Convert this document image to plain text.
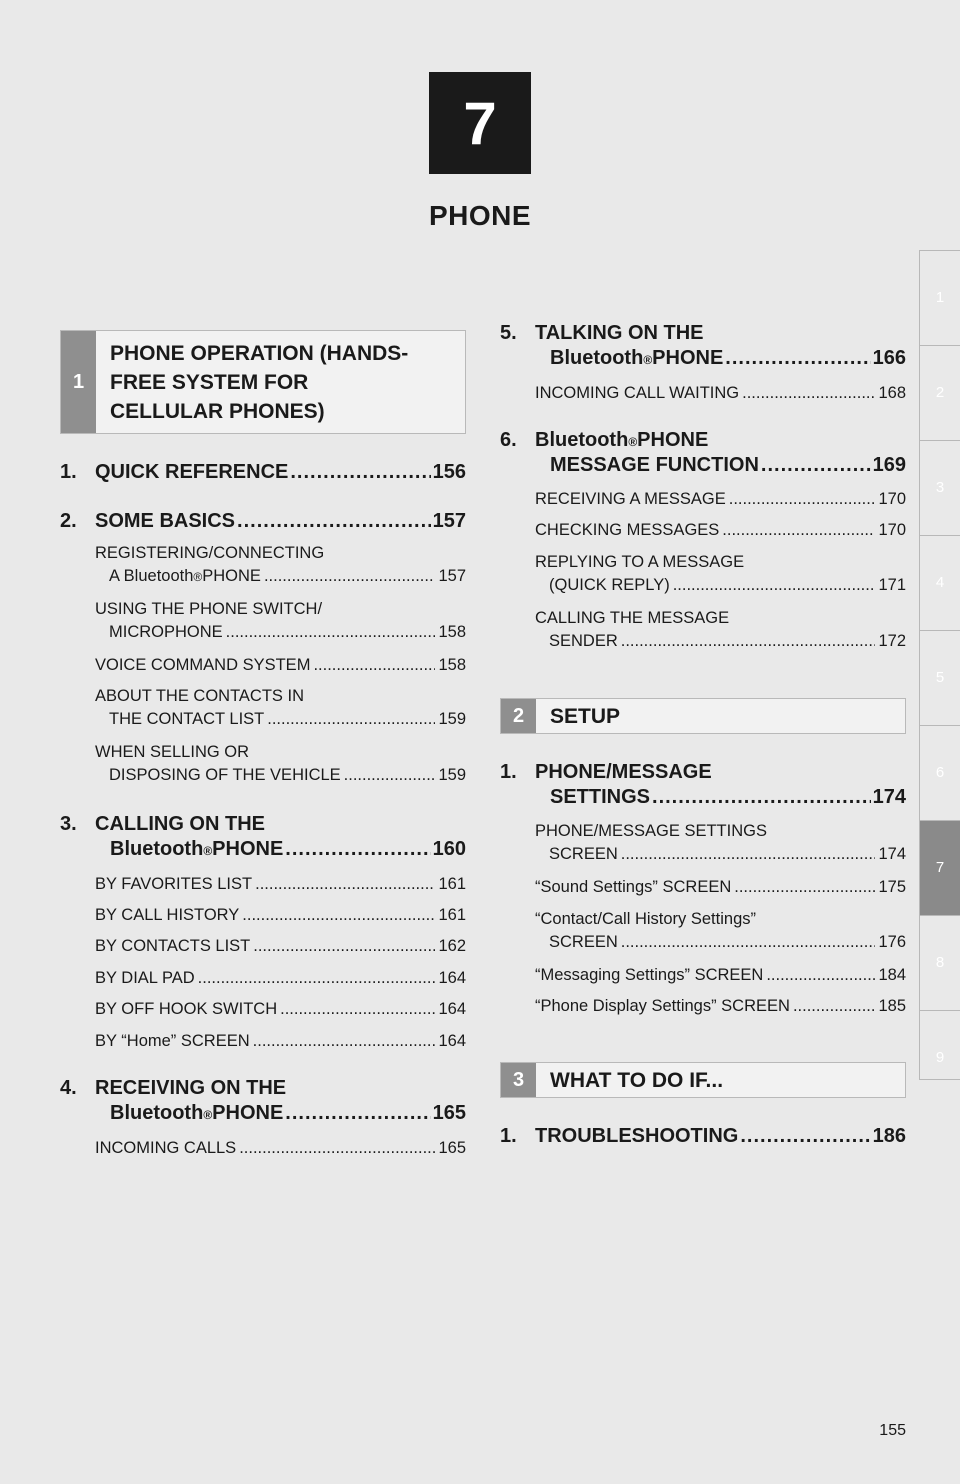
7
PHONE
1
2
3
4
5
6
7
8
9
1
PHONE OPERATION (HANDS-
FREE SYSTEM FOR
CELLULAR PHONES)
1. QUICK REFERENCE .....	156
2. SOME BASICS .....	157
REGISTERING/CONNECTING
A Bluetooth ® PHONE .....	157
USING THE PHONE SWITCH/
MICROPHONE .....	158
VOICE COMMAND SYSTEM .....	158
ABOUT THE CONTACTS IN
THE CONTACT LIST .....	159
WHEN SELLING OR
DISPOSING OF THE VEHICLE .....	159
3. CALLING ON THE
Bluetooth ® PHONE .....	160
BY FAVORITES LIST .....	161
BY CALL HISTORY .....	161
BY CONTACTS LIST .....	162
BY DIAL PAD .....	164
BY OFF HOOK SWITCH .....	164
BY “Home” SCREEN .....	164
4. RECEIVING ON THE
Bluetooth ® PHONE .....	165
INCOMING CALLS .....	165
5. TALKING ON THE
Bluetooth ® PHONE .....	166
INCOMING CALL WAITING .....	168
6. Bluetooth ® PHONE
MESSAGE FUNCTION .....	169
RECEIVING A MESSAGE .....	170
CHECKING MESSAGES .....	170
REPLYING TO A MESSAGE
(QUICK REPLY) .....	171
CALLING THE MESSAGE
SENDER .....	172
2	SETUP
1. PHONE/MESSAGE
SETTINGS .....	174
PHONE/MESSAGE SETTINGS
SCREEN .....	174
“Sound Settings” SCREEN .....	175
“Contact/Call History Settings”
SCREEN .....	176
“Messaging Settings” SCREEN .....	184
“Phone Display Settings” SCREEN .....	185
3	WHAT TO DO IF...
1. TROUBLESHOOTING .....	186
155
